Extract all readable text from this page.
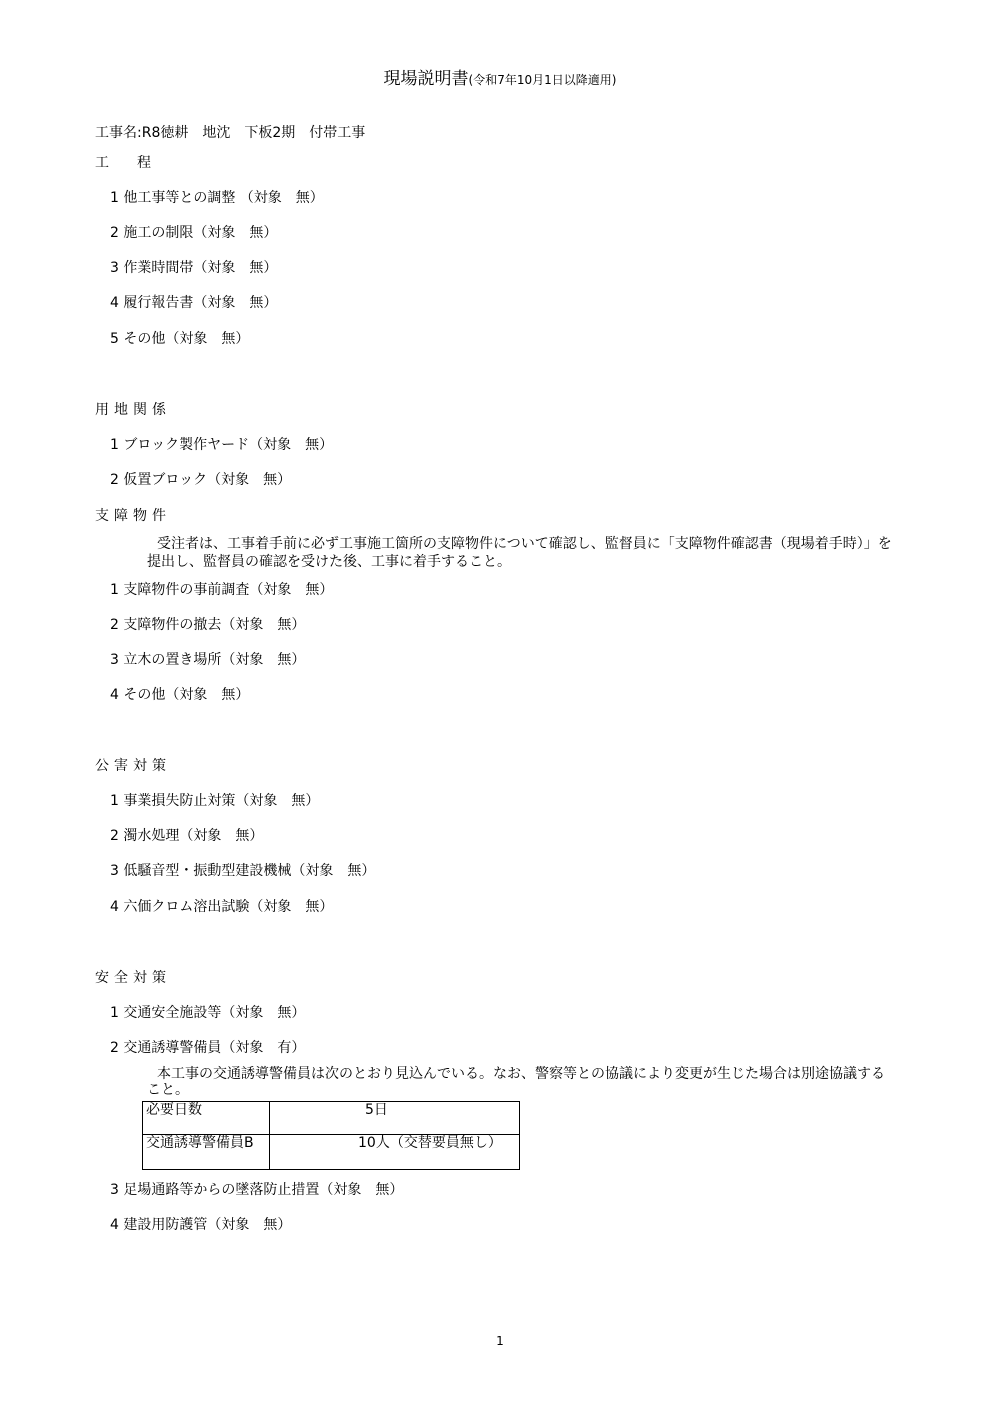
現場説明書(令和7年10月1日以降適用)
工事名:R8徳耕　地沈　下板2期　付帯工事
工　　程
1 他工事等との調整 （対象　無）
2 施工の制限（対象　無）
3 作業時間帯（対象　無）
4 履行報告書（対象　無）
5 その他（対象　無）
用地関係
1 ブロック製作ヤード（対象　無）
2 仮置ブロック（対象　無）
支障物件
受注者は、工事着手前に必ず工事施工箇所の支障物件について確認し、監督員に「支障物件確認書（現場着手時）」を提出し、監督員の確認を受けた後、工事に着手すること。
1 支障物件の事前調査（対象　無）
2 支障物件の撤去（対象　無）
3 立木の置き場所（対象　無）
4 その他（対象　無）
公害対策
1 事業損失防止対策（対象　無）
2 濁水処理（対象　無）
3 低騒音型・振動型建設機械（対象　無）
4 六価クロム溶出試験（対象　無）
安全対策
1 交通安全施設等（対象　無）
2 交通誘導警備員（対象　有）
本工事の交通誘導警備員は次のとおり見込んでいる。なお、警察等との協議により変更が生じた場合は別途協議すること。
必要日数	5日
交通誘導警備員B	10人（交替要員無し）
3 足場通路等からの墜落防止措置（対象　無）
4 建設用防護管（対象　無）
1
